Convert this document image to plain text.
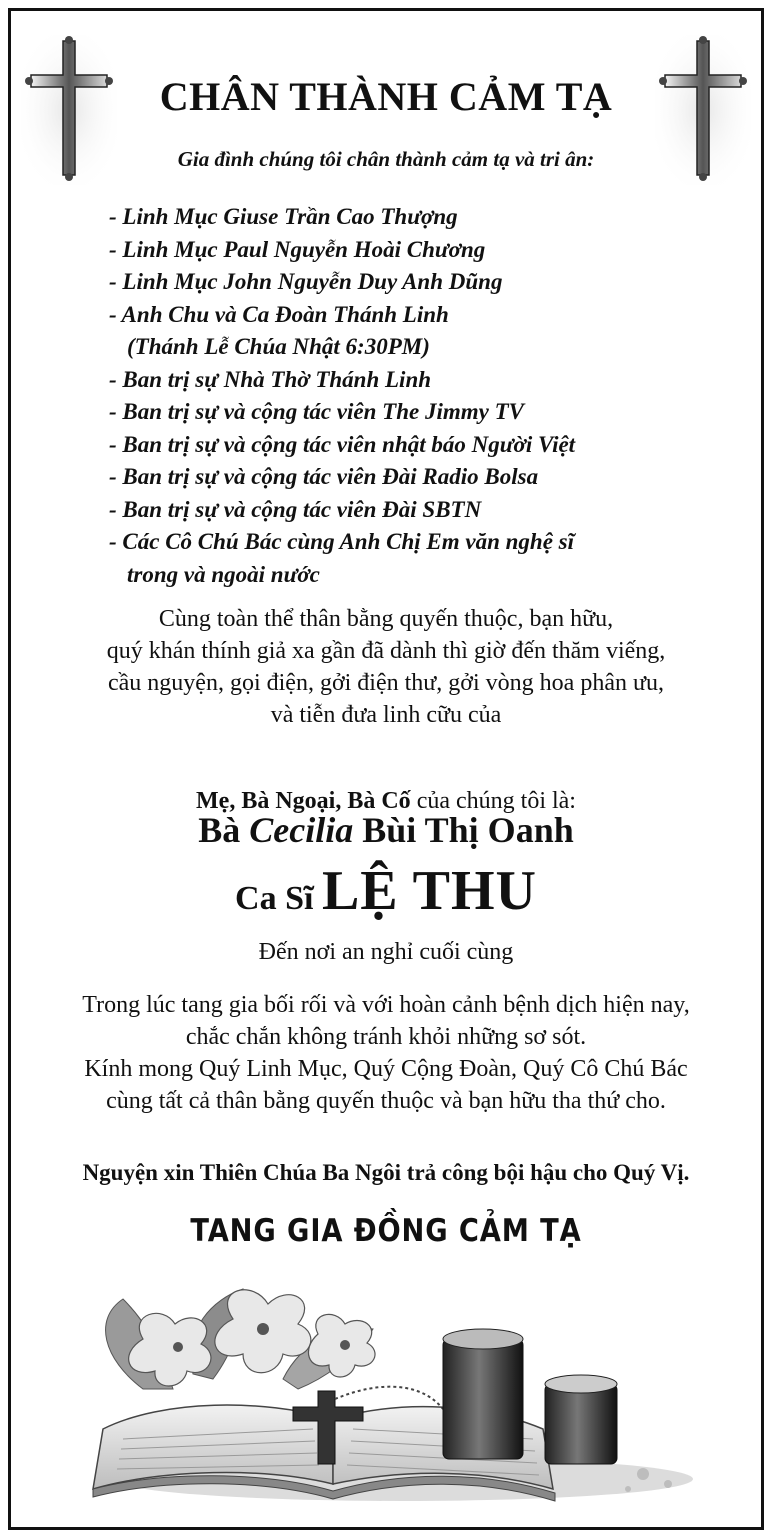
CHÂN THÀNH CẢM TẠ
Gia đình chúng tôi chân thành cảm tạ và tri ân:
- Linh Mục Giuse Trần Cao Thượng
- Linh Mục Paul Nguyễn Hoài Chương
- Linh Mục John Nguyễn Duy Anh Dũng
- Anh Chu và Ca Đoàn Thánh Linh
(Thánh Lễ Chúa Nhật 6:30PM)
- Ban trị sự Nhà Thờ Thánh Linh
- Ban trị sự và cộng tác viên The Jimmy TV
- Ban trị sự và cộng tác viên nhật báo Người Việt
- Ban trị sự và cộng tác viên Đài Radio Bolsa
- Ban trị sự và cộng tác viên Đài SBTN
- Các Cô Chú Bác cùng Anh Chị Em văn nghệ sĩ
trong và ngoài nước
Cùng toàn thể thân bằng quyến thuộc, bạn hữu,
quý khán thính giả xa gần đã dành thì giờ đến thăm viếng,
cầu nguyện, gọi điện, gởi điện thư, gởi vòng hoa phân ưu,
và tiễn đưa linh cữu của
Mẹ, Bà Ngoại, Bà Cố của chúng tôi là:
Bà Cecilia Bùi Thị Oanh
Ca Sĩ LỆ THU
Đến nơi an nghỉ cuối cùng
Trong lúc tang gia bối rối và với hoàn cảnh bệnh dịch hiện nay,
chắc chắn không tránh khỏi những sơ sót.
Kính mong Quý Linh Mục, Quý Cộng Đoàn, Quý Cô Chú Bác
cùng tất cả thân bằng quyến thuộc và bạn hữu tha thứ cho.
Nguyện xin Thiên Chúa Ba Ngôi trả công bội hậu cho Quý Vị.
TANG GIA ĐỒNG CẢM TẠ
